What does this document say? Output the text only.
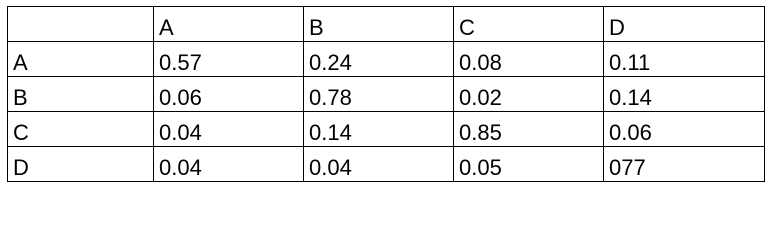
	A	B	C	D
A	0.57	0.24	0.08	0.11
B	0.06	0.78	0.02	0.14
C	0.04	0.14	0.85	0.06
D	0.04	0.04	0.05	077
